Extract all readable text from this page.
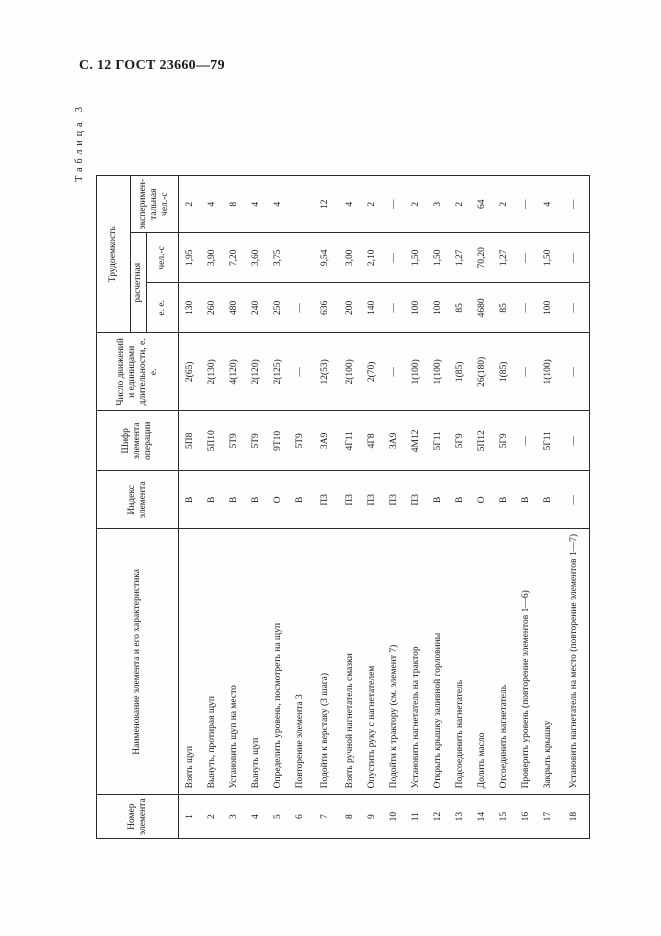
С. 12 ГОСТ 23660—79
Таблица 3
Номер элемента	Наименование элемента и его характеристика	Индекс элемента	Шифр элемента операции	Число движений и единицами длительности, е. е.	Трудоемкость		
					расчетная		эксперимен-тальная чел.-с
					е. е.	чел.-с	
1	Взять щуп	В	5П8	2(65)	130	1,95	2
2	Вынуть, протирая щуп	В	5П10	2(130)	260	3,90	4
3	Установить щуп на место	В	5Т9	4(120)	480	7,20	8
4	Вынуть щуп	В	5Т9	2(120)	240	3,60	4
5	Определить уровень, посмотреть на щуп	О	9Т10	2(125)	250	3,75	4
6	Повторение элемента 3	В	5Т9	—	—		
7	Подойти к верстаку (3 шага)	П3	3А9	12(53)	636	9,54	12
8	Взять ручной нагнетатель смазки	П3	4Г11	2(100)	200	3,00	4
9	Опустить руку с нагнетателем	П3	4Г8	2(70)	140	2,10	2
10	Подойти к трактору (см. элемент 7)	П3	3А9	—	—	—	—
11	Установить нагнетатель на трактор	П3	4М12	1(100)	100	1,50	2
12	Открыть крышку заливной горловины	В	5Г11	1(100)	100	1,50	3
13	Подсоединить нагнетатель	В	5Г9	1(85)	85	1,27	2
14	Долить масло	О	5П12	26(180)	4680	70,20	64
15	Отсоединить нагнетатель	В	5Г9	1(85)	85	1,27	2
16	Проверить уровень (повторение элементов 1—6)	В	—	—	—	—	—
17	Закрыть крышку	В	5Г11	1(100)	100	1,50	4
18	Установить нагнетатель на место (повторение элементов 1—7)	—	—	—	—	—	—
